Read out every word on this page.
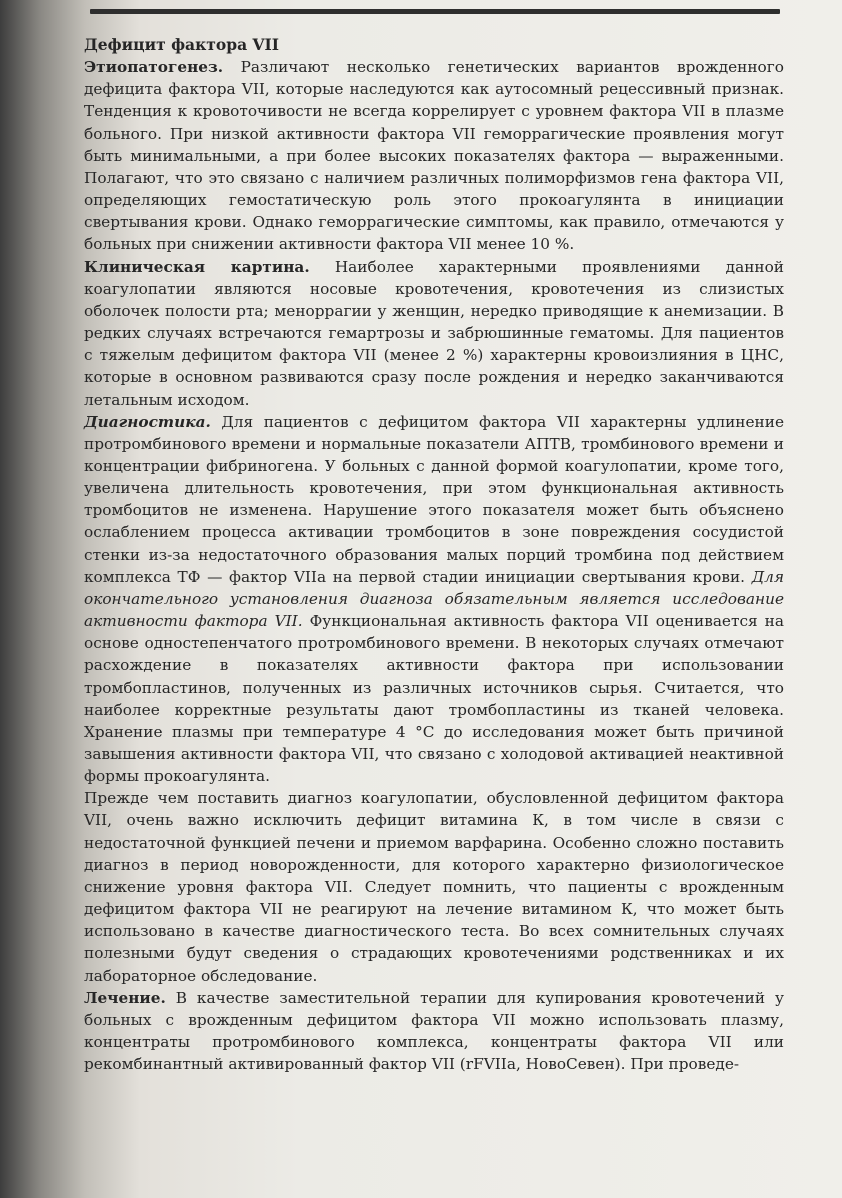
Дефицит фактора VII

Этиопатогенез. Различают несколько генетических вариантов врожденного дефицита фактора VII, которые наследуются как аутосомный рецессивный признак. Тенденция к кровоточивости не всегда коррелирует с уровнем фактора VII в плазме больного. При низкой активности фактора VII геморрагические проявления могут быть минимальными, а при более высоких показателях фактора — выраженными. Полагают, что это связано с наличием различных полиморфизмов гена фактора VII, определяющих гемостатическую роль этого прокоагулянта в инициации свертывания крови. Однако геморрагические симптомы, как правило, отмечаются у больных при снижении активности фактора VII менее 10 %.

Клиническая картина. Наиболее характерными проявлениями данной коагулопатии являются носовые кровотечения, кровотечения из слизистых оболочек полости рта; меноррагии у женщин, нередко приводящие к анемизации. В редких случаях встречаются гемартрозы и забрюшинные гематомы. Для пациентов с тяжелым дефицитом фактора VII (менее 2 %) характерны кровоизлияния в ЦНС, которые в основном развиваются сразу после рождения и нередко заканчиваются летальным исходом.

Диагностика. Для пациентов с дефицитом фактора VII характерны удлинение протромбинового времени и нормальные показатели АПТВ, тромбинового времени и концентрации фибриногена. У больных с данной формой коагулопатии, кроме того, увеличена длительность кровотечения, при этом функциональная активность тромбоцитов не изменена. Нарушение этого показателя может быть объяснено ослаблением процесса активации тромбоцитов в зоне повреждения сосудистой стенки из-за недостаточного образования малых порций тромбина под действием комплекса ТФ — фактор VIIa на первой стадии инициации свертывания крови. Для окончательного установления диагноза обязательным является исследование активности фактора VII. Функциональная активность фактора VII оценивается на основе одностепенчатого протромбинового времени. В некоторых случаях отмечают расхождение в показателях активности фактора при использовании тромбопластинов, полученных из различных источников сырья. Считается, что наиболее корректные результаты дают тромбопластины из тканей человека. Хранение плазмы при температуре 4 °С до исследования может быть причиной завышения активности фактора VII, что связано с холодовой активацией неактивной формы прокоагулянта.

Прежде чем поставить диагноз коагулопатии, обусловленной дефицитом фактора VII, очень важно исключить дефицит витамина К, в том числе в связи с недостаточной функцией печени и приемом варфарина. Особенно сложно поставить диагноз в период новорожденности, для которого характерно физиологическое снижение уровня фактора VII. Следует помнить, что пациенты с врожденным дефицитом фактора VII не реагируют на лечение витамином К, что может быть использовано в качестве диагностического теста. Во всех сомнительных случаях полезными будут сведения о страдающих кровотечениями родственниках и их лабораторное обследование.

Лечение. В качестве заместительной терапии для купирования кровотечений у больных с врожденным дефицитом фактора VII можно использовать плазму, концентраты протромбинового комплекса, концентраты фактора VII или рекомбинантный активированный фактор VII (rFVIIa, НовоСевен). При проведе-
